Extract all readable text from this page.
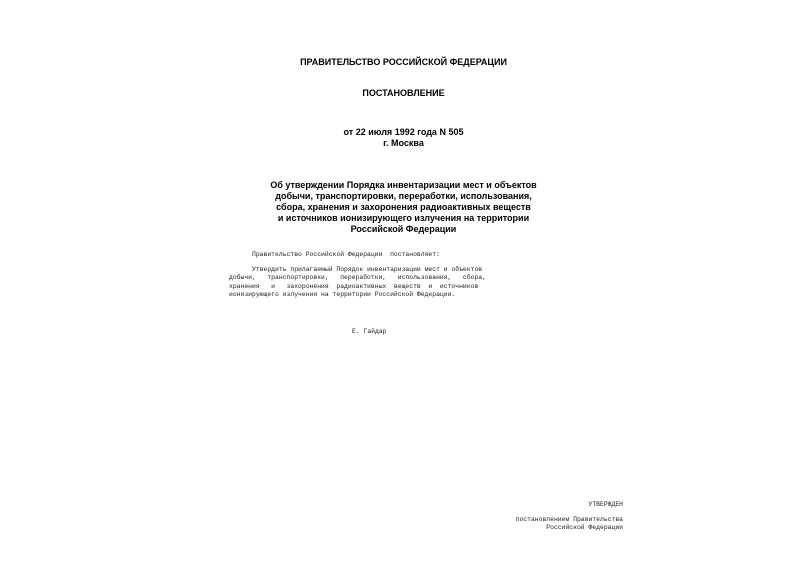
ПРАВИТЕЛЬСТВО РОССИЙСКОЙ ФЕДЕРАЦИИ
ПОСТАНОВЛЕНИЕ
от 22 июля 1992 года N 505
г. Москва
Об утверждении Порядка инвентаризации мест и объектов
добычи, транспортировки, переработки, использования,
сбора, хранения и захоронения радиоактивных веществ
и источников ионизирующего излучения на территории
Российской Федерации
Правительство Российской Федерации  постановляет:
Утвердить прилагаемый Порядок инвентаризации мест и объектов
добычи,   транспортировки,   переработки,   использования,   сбора,
хранения   и   захоронения  радиоактивных  веществ  и  источников
ионизирующего излучения на территории Российской Федерации.
Е. Гайдар
УТВЕРЖДЕН
постановлением Правительства
Российской Федерации
